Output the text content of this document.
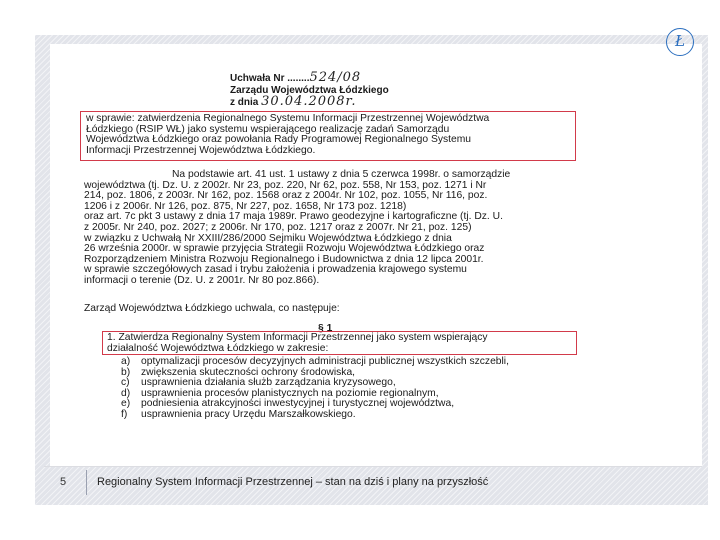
Ł
Uchwała Nr ........524/08
Zarządu Województwa Łódzkiego
z dnia 30.04.2008r.
w sprawie: zatwierdzenia Regionalnego Systemu Informacji Przestrzennej Województwa
Łódzkiego (RSIP WŁ) jako systemu wspierającego realizację zadań Samorządu
Województwa Łódzkiego oraz powołania Rady Programowej Regionalnego Systemu
Informacji Przestrzennej Województwa Łódzkiego.
Na podstawie art. 41 ust. 1 ustawy z dnia 5 czerwca 1998r. o samorządzie
województwa (tj. Dz. U. z 2002r. Nr 23, poz. 220, Nr 62, poz. 558, Nr 153, poz. 1271 i Nr
214, poz. 1806, z 2003r. Nr 162, poz. 1568 oraz z 2004r. Nr 102, poz. 1055, Nr 116, poz.
1206 i z 2006r. Nr 126, poz. 875, Nr 227, poz. 1658, Nr 173 poz. 1218)
oraz art. 7c pkt 3 ustawy z dnia 17 maja 1989r. Prawo geodezyjne i kartograficzne (tj. Dz. U.
z 2005r. Nr 240, poz. 2027; z 2006r. Nr 170, poz. 1217 oraz z 2007r. Nr 21, poz. 125)
w związku z Uchwałą Nr XXIII/286/2000 Sejmiku Województwa Łódzkiego z dnia
26 września 2000r. w sprawie przyjęcia Strategii Rozwoju Województwa Łódzkiego oraz
Rozporządzeniem Ministra Rozwoju Regionalnego i Budownictwa z dnia 12 lipca 2001r.
w sprawie szczegółowych zasad i trybu założenia i prowadzenia krajowego systemu
informacji o terenie (Dz. U. z 2001r. Nr 80 poz.866).
Zarząd Województwa Łódzkiego uchwala, co następuje:
§ 1
1. Zatwierdza Regionalny System Informacji Przestrzennej jako system wspierający
działalność Województwa Łódzkiego w zakresie:
a) optymalizacji procesów decyzyjnych administracji publicznej wszystkich szczebli,
b) zwiększenia skuteczności ochrony środowiska,
c) usprawnienia działania służb zarządzania kryzysowego,
d) usprawnienia procesów planistycznych na poziomie regionalnym,
e) podniesienia atrakcyjności inwestycyjnej i turystycznej województwa,
f) usprawnienia pracy Urzędu Marszałkowskiego.
5	Regionalny System Informacji Przestrzennej – stan na dziś i plany na przyszłość
